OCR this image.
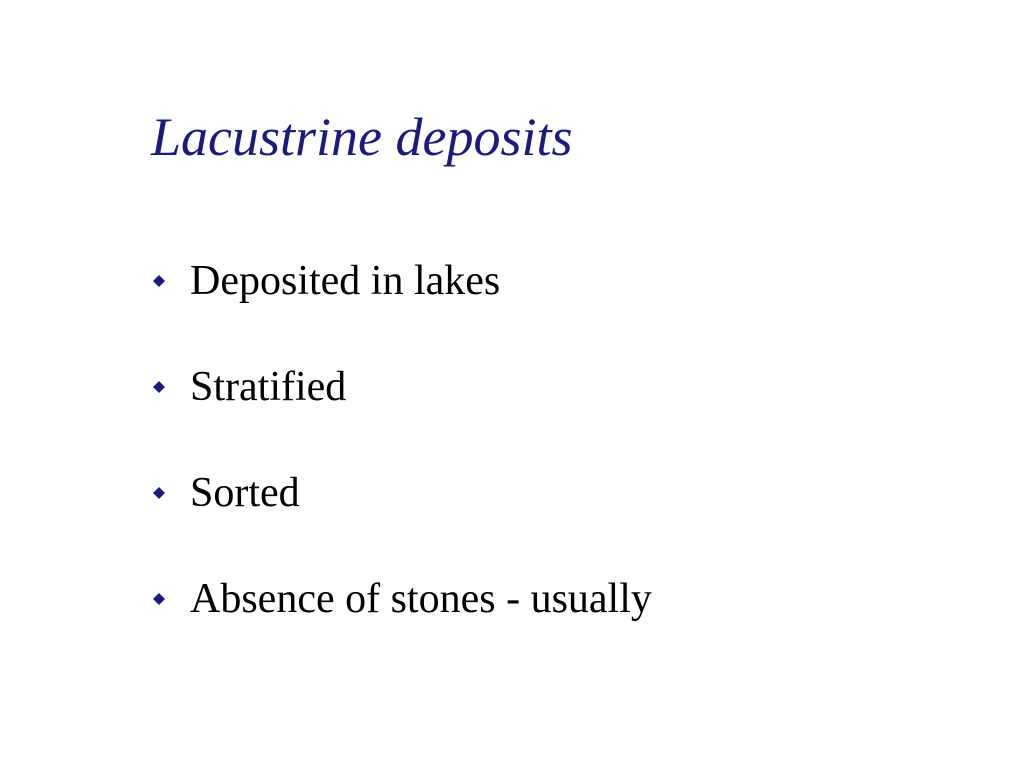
Lacustrine deposits
Deposited in lakes
Stratified
Sorted
Absence of stones - usually
